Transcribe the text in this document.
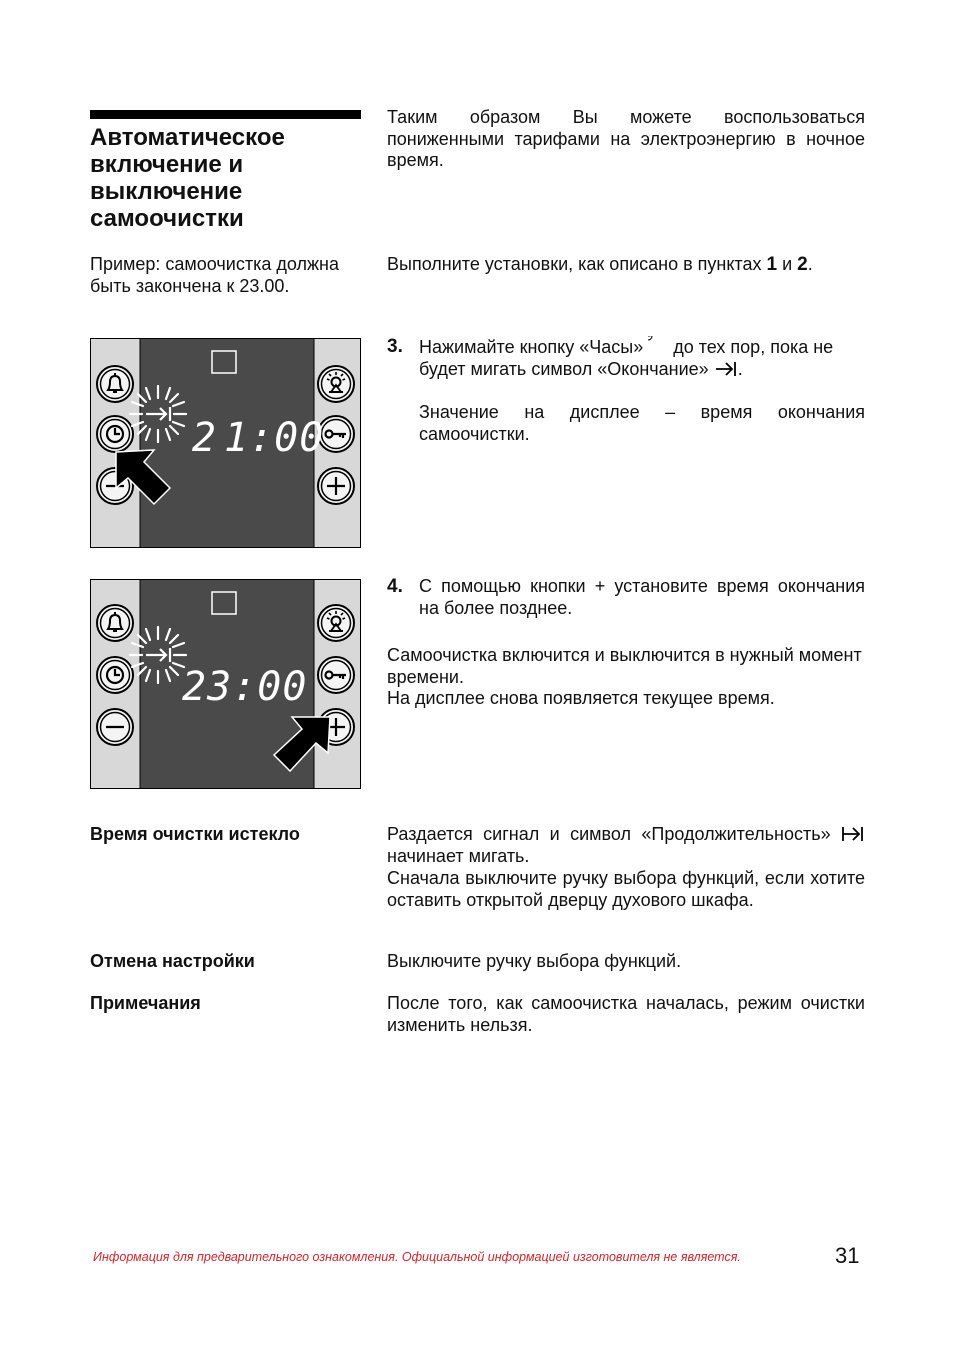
Автоматическое включение и выключение самоочистки

Таким образом Вы можете воспользоваться пониженными тарифами на электроэнергию в ночное время.

Пример: самоочистка должна быть закончена к 23.00.

Выполните установки, как описано в пунктах 1 и 2.

3. Нажимайте кнопку «Часы» до тех пор, пока не будет мигать символ «Окончание» .

Значение на дисплее – время окончания самоочистки.

2 1:00
4. С помощью кнопки + установите время окончания на более позднее.

Самоочистка включится и выключится в нужный момент времени.

На дисплее снова появляется текущее время.

23:00

Время очистки истекло	Раздается сигнал и символ «Продолжительность»  начинает мигать.

Сначала выключите ручку выбора функций, если хотите оставить открытой дверцу духового шкафа.

Отмена настройки	Выключите ручку выбора функций.

Примечания	После того, как самоочистка началась, режим очистки изменить нельзя.

Информация для предварительного ознакомления. Официальной информацией изготовителя не является.	31
